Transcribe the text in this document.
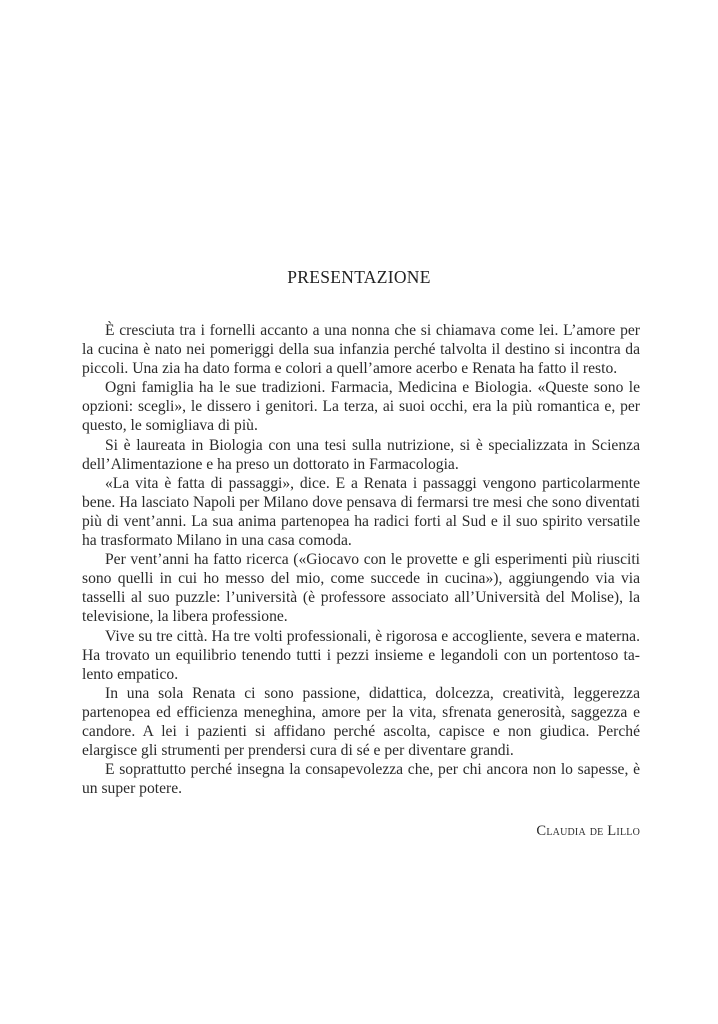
PRESENTAZIONE

È cresciuta tra i fornelli accanto a una nonna che si chiamava come lei. L’amore per la cucina è nato nei pomeriggi della sua infanzia perché talvolta il destino si incontra da piccoli. Una zia ha dato forma e colori a quell’amore acerbo e Renata ha fatto il resto.

Ogni famiglia ha le sue tradizioni. Farmacia, Medicina e Biologia. «Queste sono le opzioni: scegli», le dissero i genitori. La terza, ai suoi occhi, era la più romantica e, per questo, le somigliava di più.

Si è laureata in Biologia con una tesi sulla nutrizione, si è specializzata in Scienza dell’Alimentazione e ha preso un dottorato in Farmacologia.

«La vita è fatta di passaggi», dice. E a Renata i passaggi vengono particolarmente bene. Ha lasciato Napoli per Milano dove pensava di fermarsi tre mesi che sono diventati più di vent’anni. La sua anima partenopea ha radici forti al Sud e il suo spirito versatile ha trasformato Milano in una casa comoda.

Per vent’anni ha fatto ricerca («Giocavo con le provette e gli esperimenti più riusciti sono quelli in cui ho messo del mio, come succede in cucina»), aggiungendo via via tasselli al suo puzzle: l’università (è professore associato all’Università del Molise), la televisione, la libera professione.

Vive su tre città. Ha tre volti professionali, è rigorosa e accogliente, severa e materna. Ha trovato un equilibrio tenendo tutti i pezzi insieme e legandoli con un portentoso talento empatico.

In una sola Renata ci sono passione, didattica, dolcezza, creatività, leggerezza partenopea ed efficienza meneghina, amore per la vita, sfrenata generosità, saggezza e candore. A lei i pazienti si affidano perché ascolta, capisce e non giudica. Perché elargisce gli strumenti per prendersi cura di sé e per diventare grandi.

E soprattutto perché insegna la consapevolezza che, per chi ancora non lo sapesse, è un super potere.

Claudia de Lillo
